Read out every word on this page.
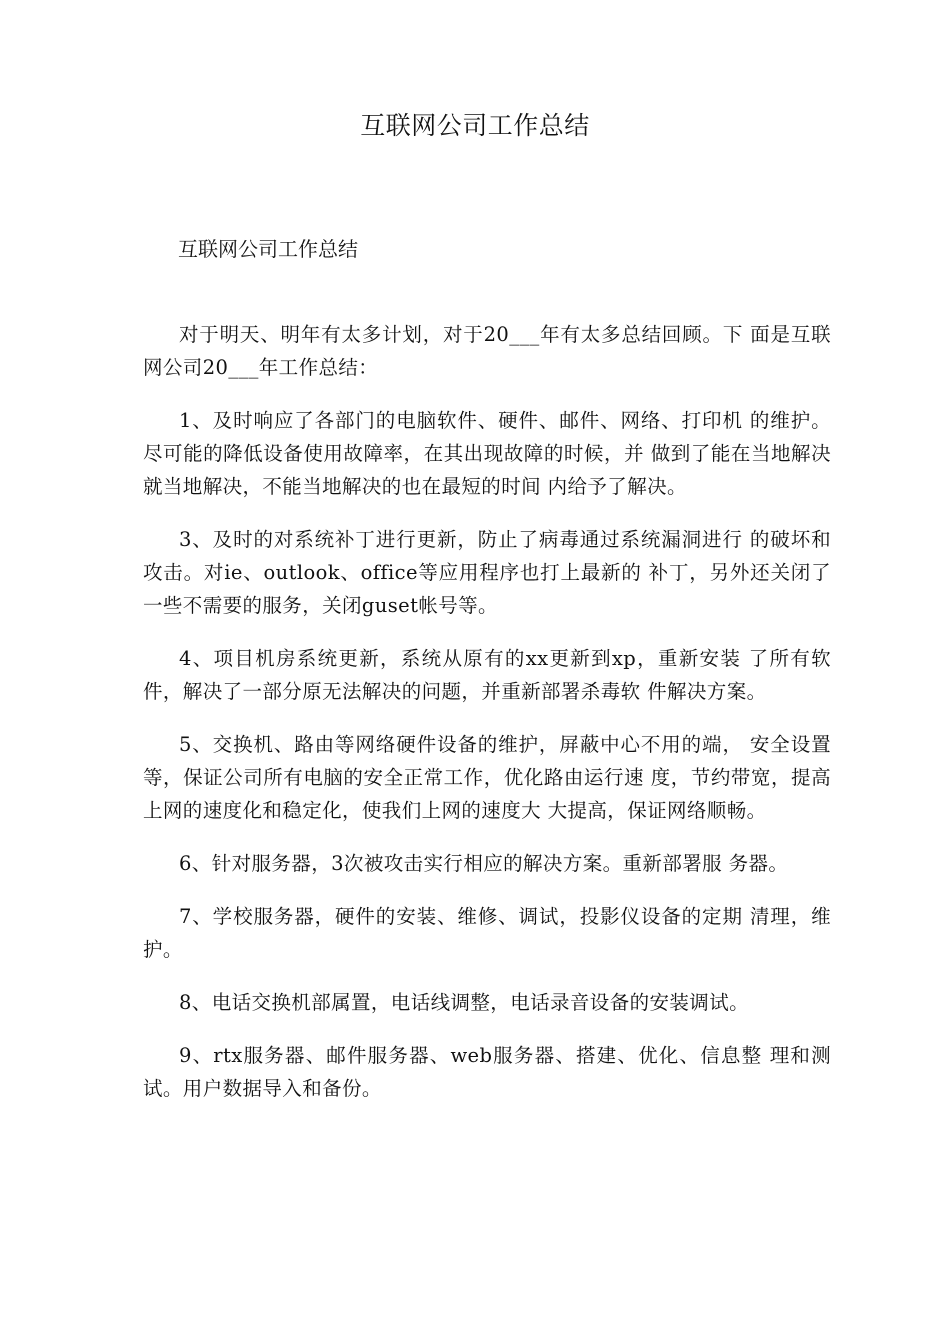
互联网公司工作总结
互联网公司工作总结

对于明天、明年有太多计划，对于20___年有太多总结回顾。下 面是互联网公司20___年工作总结：

1、及时响应了各部门的电脑软件、硬件、邮件、网络、打印机 的维护。尽可能的降低设备使用故障率，在其出现故障的时候，并 做到了能在当地解决就当地解决，不能当地解决的也在最短的时间 内给予了解决。

3、及时的对系统补丁进行更新，防止了病毒通过系统漏洞进行 的破坏和攻击。对ie、outlook、office等应用程序也打上最新的 补丁，另外还关闭了一些不需要的服务，关闭guset帐号等。

4、项目机房系统更新，系统从原有的xx更新到xp，重新安装 了所有软件，解决了一部分原无法解决的问题，并重新部署杀毒软 件解决方案。

5、交换机、路由等网络硬件设备的维护，屏蔽中心不用的端， 安全设置等，保证公司所有电脑的安全正常工作，优化路由运行速 度，节约带宽，提高上网的速度化和稳定化，使我们上网的速度大 大提高，保证网络顺畅。

6、针对服务器，3次被攻击实行相应的解决方案。重新部署服 务器。

7、学校服务器，硬件的安装、维修、调试，投影仪设备的定期 清理，维护。

8、电话交换机部属置，电话线调整，电话录音设备的安装调试。

9、rtx服务器、邮件服务器、web服务器、搭建、优化、信息整 理和测试。用户数据导入和备份。
